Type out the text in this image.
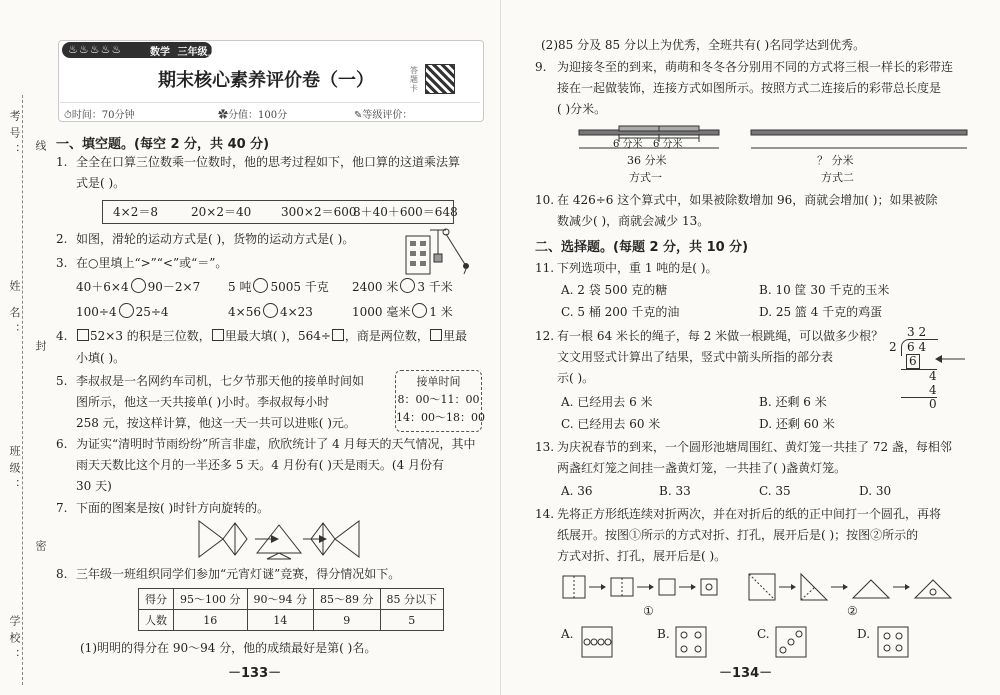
考号：
姓 名：
班级：
学校：
线
封
密
♨♨♨♨♨	数学 三年级上册 SJ
期末核心素养评价卷（一）	答题卡
⏱时间：70分钟	✿分值：100分	✎等级评价：
一、填空题。(每空 2 分，共 40 分)
1. 全全在口算三位数乘一位数时，他的思考过程如下，他口算的这道乘法算
式是( )。
4×2＝8	20×2＝40 300×2＝600
8＋40＋600＝648
2. 如图，滑轮的运动方式是( )，货物的运动方式是( )。
3. 在○里填上“>”“<”或“＝”。
40＋6×4 90－2×7 5 吨 5005 千克 2400 米 3 千米
100÷4 25÷4	4×56 4×23	1000 毫米 1 米
4.	52×3 的积是三位数， 里最大填( )，564÷ ，商是两位数， 里最
小填( )。
5. 李叔叔是一名网约车司机，七夕节那天他的接单时间如
图所示，他这一天共接单( )小时。李叔叔每小时
258 元，按这样计算，他这一天一共可以进账( )元。
接单时间
8：00～11：00
14：00～18：00
6. 为证实“清明时节雨纷纷”所言非虚，欣欣统计了 4 月每天的天气情况，其中
雨天天数比这个月的一半还多 5 天。4 月份有( )天是雨天。(4 月份有
30 天)
7. 下面的图案是按( )时针方向旋转的。
8. 三年级一班组织同学们参加“元宵灯谜”竞赛，得分情况如下。
得分	95～100 分	90～94 分	85～89 分	85 分以下
人数	16	14	9	5
(1)明明的得分在 90～94 分，他的成绩最好是第( )名。
－133－
(2)85 分及 85 分以上为优秀，全班共有( )名同学达到优秀。
9. 为迎接冬至的到来，萌萌和冬冬各分别用不同的方式将三根一样长的彩带连
接在一起做装饰，连接方式如图所示。按照方式二连接后的彩带总长度是
( )分米。
6 分米 6 分米
36 分米
方式一
？ 分米
方式二
10. 在 426÷6 这个算式中，如果被除数增加 96，商就会增加( )；如果被除
数减少( )，商就会减少 13。
二、选择题。(每题 2 分，共 10 分)
11. 下列选项中，重 1 吨的是( )。
A. 2 袋 500 克的糖	B. 10 筐 30 千克的玉米
C. 5 桶 200 千克的油	D. 25 篮 4 千克的鸡蛋
12. 有一根 64 米长的绳子，每 2 米做一根跳绳，可以做多少根？
文文用竖式计算出了结果，竖式中箭头所指的部分表
示( )。
A. 已经用去 6 米	B. 还剩 6 米
C. 已经用去 60 米	D. 还剩 60 米
3 2
2 6 4
6
4
4
0
13. 为庆祝春节的到来，一个圆形池塘周围红、黄灯笼一共挂了 72 盏，每相邻
两盏红灯笼之间挂一盏黄灯笼，一共挂了( )盏黄灯笼。
A. 36	B. 33	C. 35	D. 30
14. 先将正方形纸连续对折两次，并在对折后的纸的正中间打一个圆孔，再将
纸展开。按图①所示的方式对折、打孔，展开后是( )；按图②所示的
方式对折、打孔，展开后是( )。
①	②
A.	B.	C.	D.
－134－
